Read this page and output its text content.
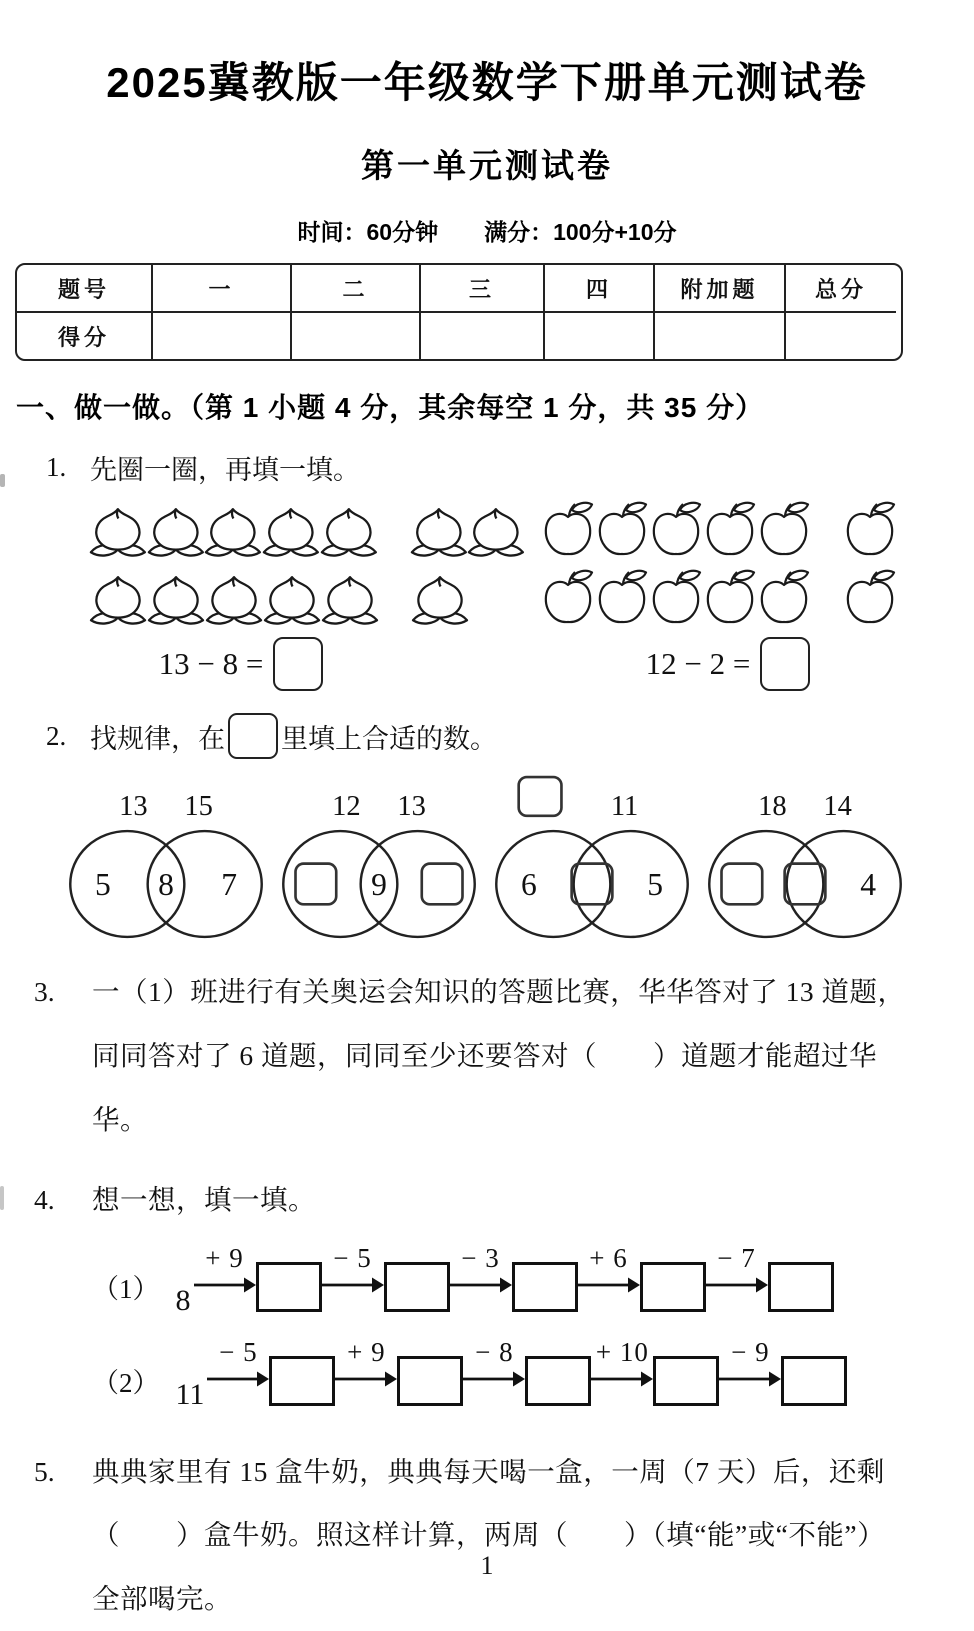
2025冀教版一年级数学下册单元测试卷
第一单元测试卷
时间：60分钟 满分：100分+10分
题号	一	二	三	四	附加题	总分
得分
一、做一做。（第 1 小题 4 分，其余每空 1 分，共 35 分）
1. 先圈一圈，再填一填。
13 − 8 =	12 − 2 =
2. 找规律，在 里填上合适的数。
13 15
5 8 7
12 13
9
11
6	5
18 14
4
3.	一（1）班进行有关奥运会知识的答题比赛，华华答对了 13 道题，同同答对了 6 道题，同同至少还要答对（　　）道题才能超过华华。
4.	想一想，填一填。
（1） 8
+ 9	− 5	− 3	+ 6	− 7
（2） 11
− 5	+ 9	− 8	+ 10	− 9
5.	典典家里有 15 盒牛奶，典典每天喝一盒，一周（7 天）后，还剩（　　）盒牛奶。照这样计算，两周（　　）（填“能”或“不能”）全部喝完。
1
